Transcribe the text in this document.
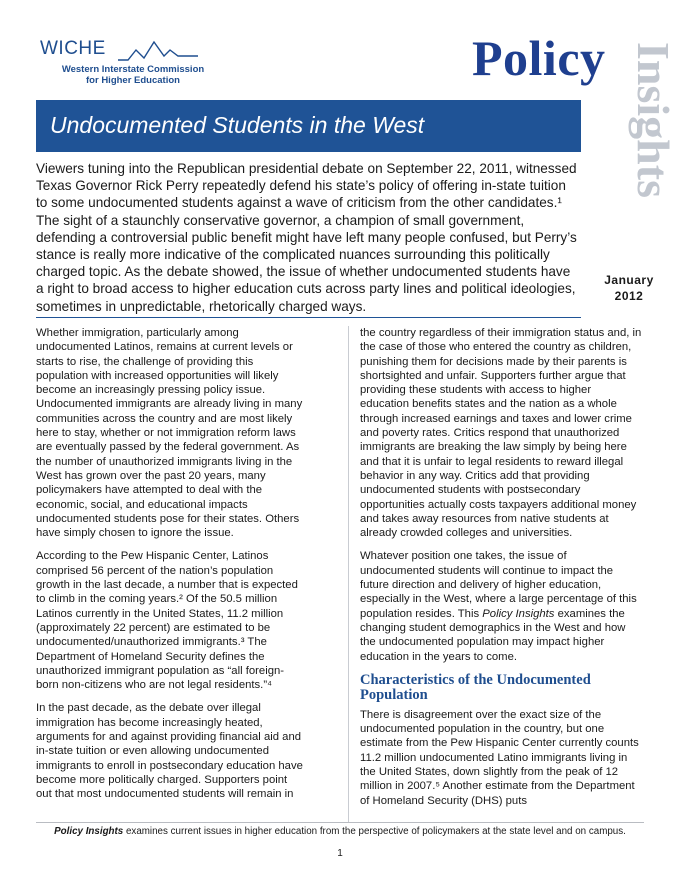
WICHE
Western Interstate Commission
for Higher Education	Policy Insights
Undocumented Students in the West

Viewers tuning into the Republican presidential debate on September 22, 2011, witnessed Texas Governor Rick Perry repeatedly defend his state’s policy of offering in-state tuition to some undocumented students against a wave of criticism from the other candidates.¹ The sight of a staunchly conservative governor, a champion of small government, defending a controversial public benefit might have left many people confused, but Perry’s stance is really more indicative of the complicated nuances surrounding this politically charged topic. As the debate showed, the issue of whether undocumented students have a right to broad access to higher education cuts across party lines and political ideologies, sometimes in unpredictable, rhetorically charged ways.

January
2012

Whether immigration, particularly among undocumented Latinos, remains at current levels or starts to rise, the challenge of providing this population with increased opportunities will likely become an increasingly pressing policy issue. Undocumented immigrants are already living in many communities across the country and are most likely here to stay, whether or not immigration reform laws are eventually passed by the federal government. As the number of unauthorized immigrants living in the West has grown over the past 20 years, many policymakers have attempted to deal with the economic, social, and educational impacts undocumented students pose for their states. Others have simply chosen to ignore the issue.

According to the Pew Hispanic Center, Latinos comprised 56 percent of the nation’s population growth in the last decade, a number that is expected to climb in the coming years.² Of the 50.5 million Latinos currently in the United States, 11.2 million (approximately 22 percent) are estimated to be undocumented/unauthorized immigrants.³ The Department of Homeland Security defines the unauthorized immigrant population as “all foreign-born non-citizens who are not legal residents.”⁴

In the past decade, as the debate over illegal immigration has become increasingly heated, arguments for and against providing financial aid and in-state tuition or even allowing undocumented immigrants to enroll in postsecondary education have become more politically charged. Supporters point out that most undocumented students will remain in

the country regardless of their immigration status and, in the case of those who entered the country as children, punishing them for decisions made by their parents is shortsighted and unfair. Supporters further argue that providing these students with access to higher education benefits states and the nation as a whole through increased earnings and taxes and lower crime and poverty rates. Critics respond that unauthorized immigrants are breaking the law simply by being here and that it is unfair to legal residents to reward illegal behavior in any way. Critics add that providing undocumented students with postsecondary opportunities actually costs taxpayers additional money and takes away resources from native students at already crowded colleges and universities.

Whatever position one takes, the issue of undocumented students will continue to impact the future direction and delivery of higher education, especially in the West, where a large percentage of this population resides. This Policy Insights examines the changing student demographics in the West and how the undocumented population may impact higher education in the years to come.

Characteristics of the Undocumented Population

There is disagreement over the exact size of the undocumented population in the country, but one estimate from the Pew Hispanic Center currently counts 11.2 million undocumented Latino immigrants living in the United States, down slightly from the peak of 12 million in 2007.⁵ Another estimate from the Department of Homeland Security (DHS) puts

Policy Insights examines current issues in higher education from the perspective of policymakers at the state level and on campus.
1
